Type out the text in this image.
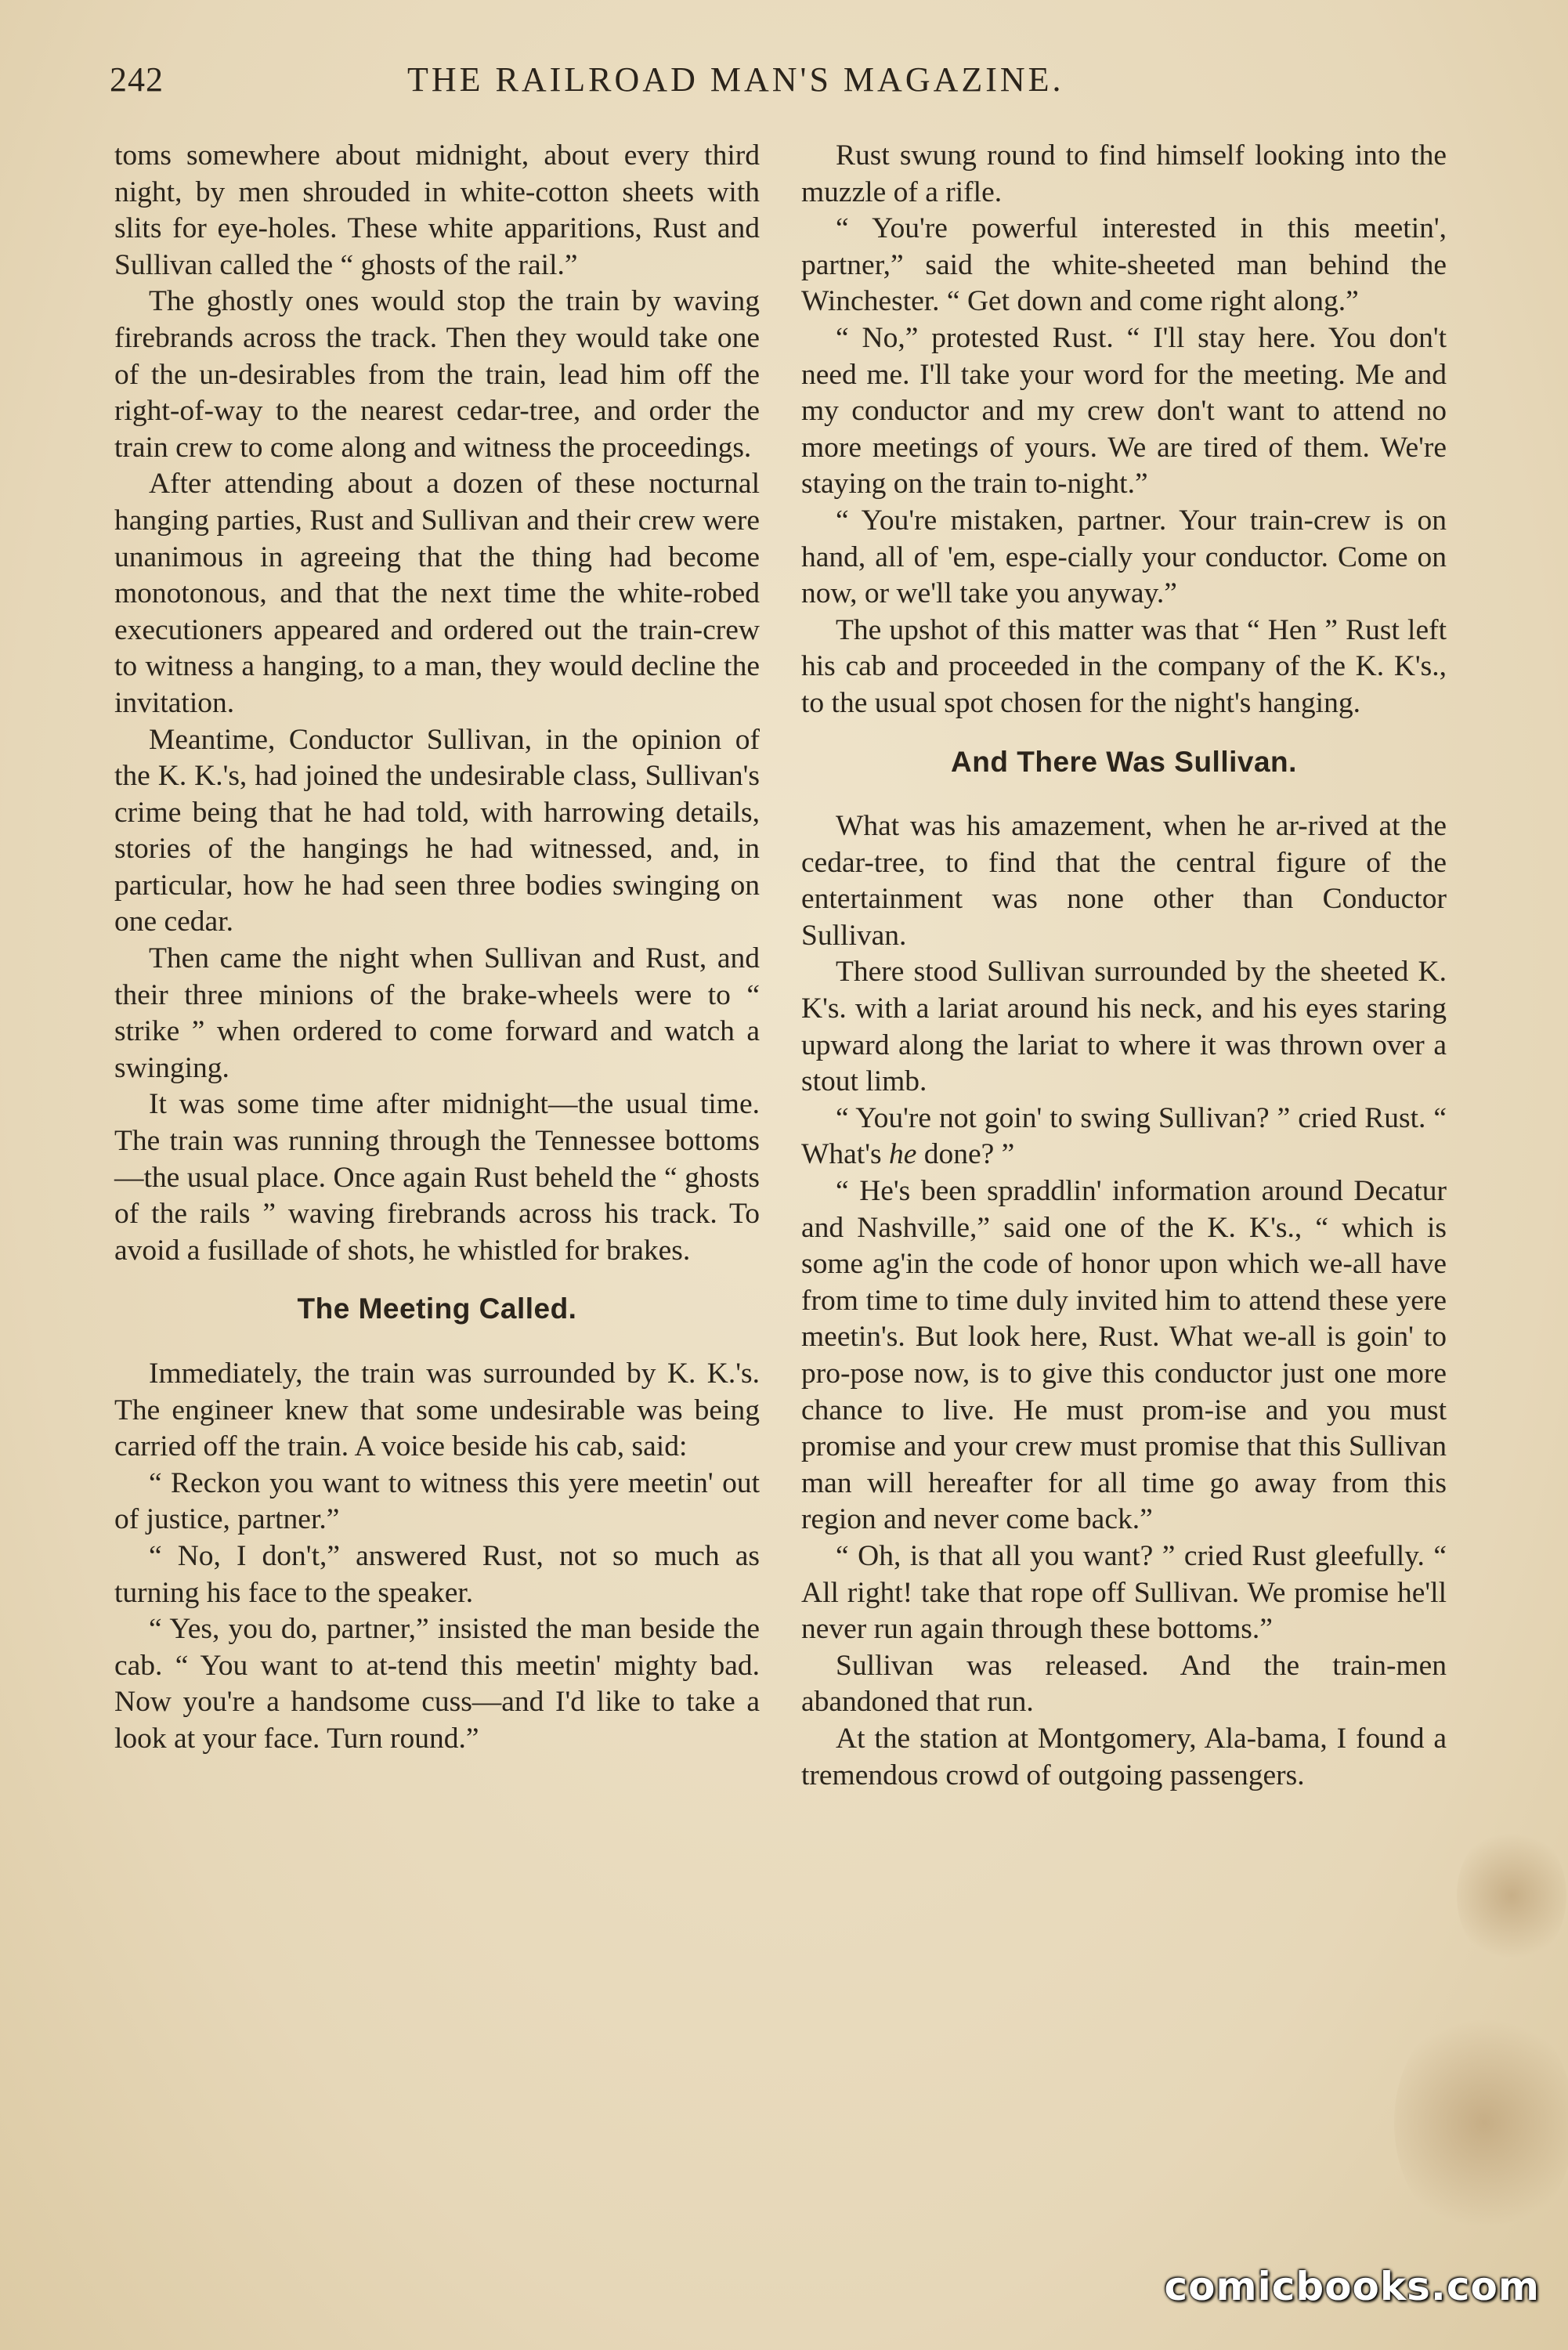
242	THE RAILROAD MAN'S MAGAZINE.

toms somewhere about midnight, about every third night, by men shrouded in white-cotton sheets with slits for eye-holes. These white apparitions, Rust and Sullivan called the “ ghosts of the rail.”

The ghostly ones would stop the train by waving firebrands across the track. Then they would take one of the un-desirables from the train, lead him off the right-of-way to the nearest cedar-tree, and order the train crew to come along and witness the proceedings.

After attending about a dozen of these nocturnal hanging parties, Rust and Sullivan and their crew were unanimous in agreeing that the thing had become monotonous, and that the next time the white-robed executioners appeared and ordered out the train-crew to witness a hanging, to a man, they would decline the invitation.

Meantime, Conductor Sullivan, in the opinion of the K. K.'s, had joined the undesirable class, Sullivan's crime being that he had told, with harrowing details, stories of the hangings he had witnessed, and, in particular, how he had seen three bodies swinging on one cedar.

Then came the night when Sullivan and Rust, and their three minions of the brake-wheels were to “ strike ” when ordered to come forward and watch a swinging.

It was some time after midnight—the usual time. The train was running through the Tennessee bottoms—the usual place. Once again Rust beheld the “ ghosts of the rails ” waving firebrands across his track. To avoid a fusillade of shots, he whistled for brakes.

The Meeting Called.

Immediately, the train was surrounded by K. K.'s. The engineer knew that some undesirable was being carried off the train. A voice beside his cab, said:

“ Reckon you want to witness this yere meetin' out of justice, partner.”

“ No, I don't,” answered Rust, not so much as turning his face to the speaker.

“ Yes, you do, partner,” insisted the man beside the cab. “ You want to at-tend this meetin' mighty bad. Now you're a handsome cuss—and I'd like to take a look at your face. Turn round.”

Rust swung round to find himself looking into the muzzle of a rifle.

“ You're powerful interested in this meetin', partner,” said the white-sheeted man behind the Winchester. “ Get down and come right along.”

“ No,” protested Rust. “ I'll stay here. You don't need me. I'll take your word for the meeting. Me and my conductor and my crew don't want to attend no more meetings of yours. We are tired of them. We're staying on the train to-night.”

“ You're mistaken, partner. Your train-crew is on hand, all of 'em, espe-cially your conductor. Come on now, or we'll take you anyway.”

The upshot of this matter was that “ Hen ” Rust left his cab and proceeded in the company of the K. K's., to the usual spot chosen for the night's hanging.

And There Was Sullivan.

What was his amazement, when he ar-rived at the cedar-tree, to find that the central figure of the entertainment was none other than Conductor Sullivan.

There stood Sullivan surrounded by the sheeted K. K's. with a lariat around his neck, and his eyes staring upward along the lariat to where it was thrown over a stout limb.

“ You're not goin' to swing Sullivan? ” cried Rust. “ What's he done? ”

“ He's been spraddlin' information around Decatur and Nashville,” said one of the K. K's., “ which is some ag'in the code of honor upon which we-all have from time to time duly invited him to attend these yere meetin's. But look here, Rust. What we-all is goin' to pro-pose now, is to give this conductor just one more chance to live. He must prom-ise and you must promise and your crew must promise that this Sullivan man will hereafter for all time go away from this region and never come back.”

“ Oh, is that all you want? ” cried Rust gleefully. “ All right! take that rope off Sullivan. We promise he'll never run again through these bottoms.”

Sullivan was released. And the train-men abandoned that run.

At the station at Montgomery, Ala-bama, I found a tremendous crowd of outgoing passengers.

comicbooks.com
